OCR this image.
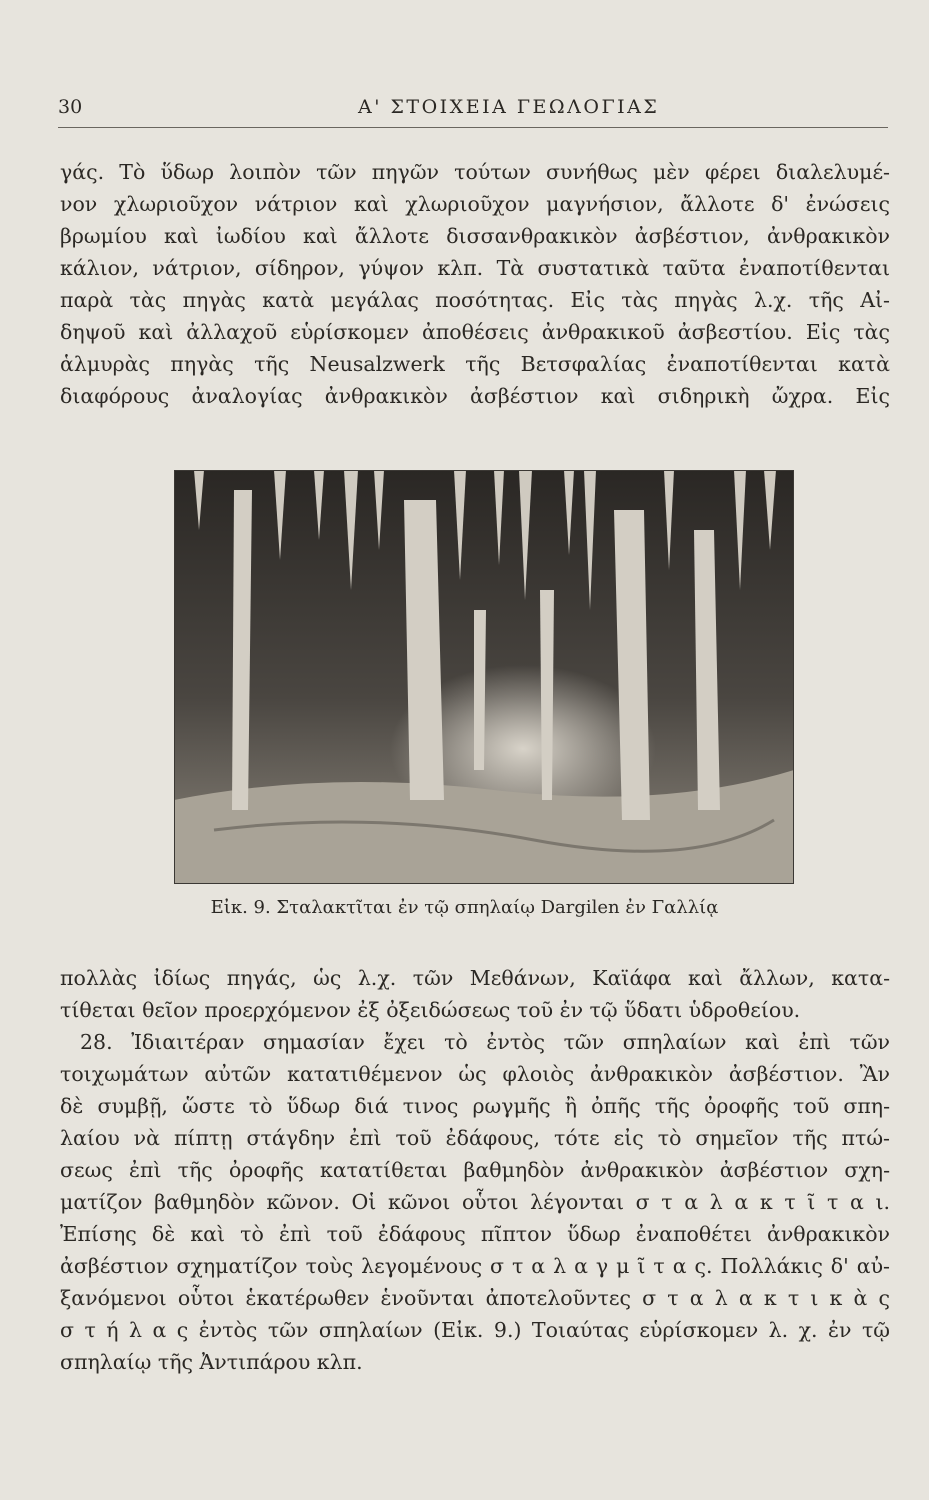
30	Α' ΣΤΟΙΧΕΙΑ ΓΕΩΛΟΓΙΑΣ
γάς. Τὸ ὕδωρ λοιπὸν τῶν πηγῶν τούτων συνήθως μὲν φέρει διαλελυμέ-
νον χλωριοῦχον νάτριον καὶ χλωριοῦχον μαγνήσιον, ἄλλοτε δ' ἐνώσεις
βρωμίου καὶ ἰωδίου καὶ ἄλλοτε δισσανθρακικὸν ἀσβέστιον, ἀνθρακικὸν
κάλιον, νάτριον, σίδηρον, γύψον κλπ. Τὰ συστατικὰ ταῦτα ἐναποτίθενται
παρὰ τὰς πηγὰς κατὰ μεγάλας ποσότητας. Εἰς τὰς πηγὰς λ.χ. τῆς Αἰ-
δηψοῦ καὶ ἀλλαχοῦ εὑρίσκομεν ἀποθέσεις ἀνθρακικοῦ ἀσβεστίου. Εἰς τὰς
ἁλμυρὰς πηγὰς τῆς Neusalzwerk τῆς Βετσφαλίας ἐναποτίθενται κατὰ
διαφόρους ἀναλογίας ἀνθρακικὸν ἀσβέστιον καὶ σιδηρικὴ ὤχρα. Εἰς
Εἰκ. 9. Σταλακτῖται ἐν τῷ σπηλαίῳ Dargilen ἐν Γαλλίᾳ
πολλὰς ἰδίως πηγάς, ὡς λ.χ. τῶν Μεθάνων, Καϊάφα καὶ ἄλλων, κατα-
τίθεται θεῖον προερχόμενον ἐξ ὀξειδώσεως τοῦ ἐν τῷ ὕδατι ὑδροθείου.
28. Ἰδιαιτέραν σημασίαν ἔχει τὸ ἐντὸς τῶν σπηλαίων καὶ ἐπὶ τῶν
τοιχωμάτων αὐτῶν κατατιθέμενον ὡς φλοιὸς ἀνθρακικὸν ἀσβέστιον. Ἂν
δὲ συμβῇ, ὥστε τὸ ὕδωρ διά τινος ρωγμῆς ἢ ὀπῆς τῆς ὀροφῆς τοῦ σπη-
λαίου νὰ πίπτῃ στάγδην ἐπὶ τοῦ ἐδάφους, τότε εἰς τὸ σημεῖον τῆς πτώ-
σεως ἐπὶ τῆς ὀροφῆς κατατίθεται βαθμηδὸν ἀνθρακικὸν ἀσβέστιον σχη-
ματίζον βαθμηδὸν κῶνον. Οἱ κῶνοι οὗτοι λέγονται σ τ α λ α κ τ ῖ τ α ι.
Ἐπίσης δὲ καὶ τὸ ἐπὶ τοῦ ἐδάφους πῖπτον ὕδωρ ἐναποθέτει ἀνθρακικὸν
ἀσβέστιον σχηματίζον τοὺς λεγομένους σ τ α λ α γ μ ῖ τ α ς. Πολλάκις δ' αὐ-
ξανόμενοι οὗτοι ἑκατέρωθεν ἑνοῦνται ἀποτελοῦντες σ τ α λ α κ τ ι κ ὰ ς
σ τ ή λ α ς ἐντὸς τῶν σπηλαίων (Εἰκ. 9.) Τοιαύτας εὑρίσκομεν λ. χ. ἐν τῷ
σπηλαίῳ τῆς Ἀντιπάρου κλπ.
